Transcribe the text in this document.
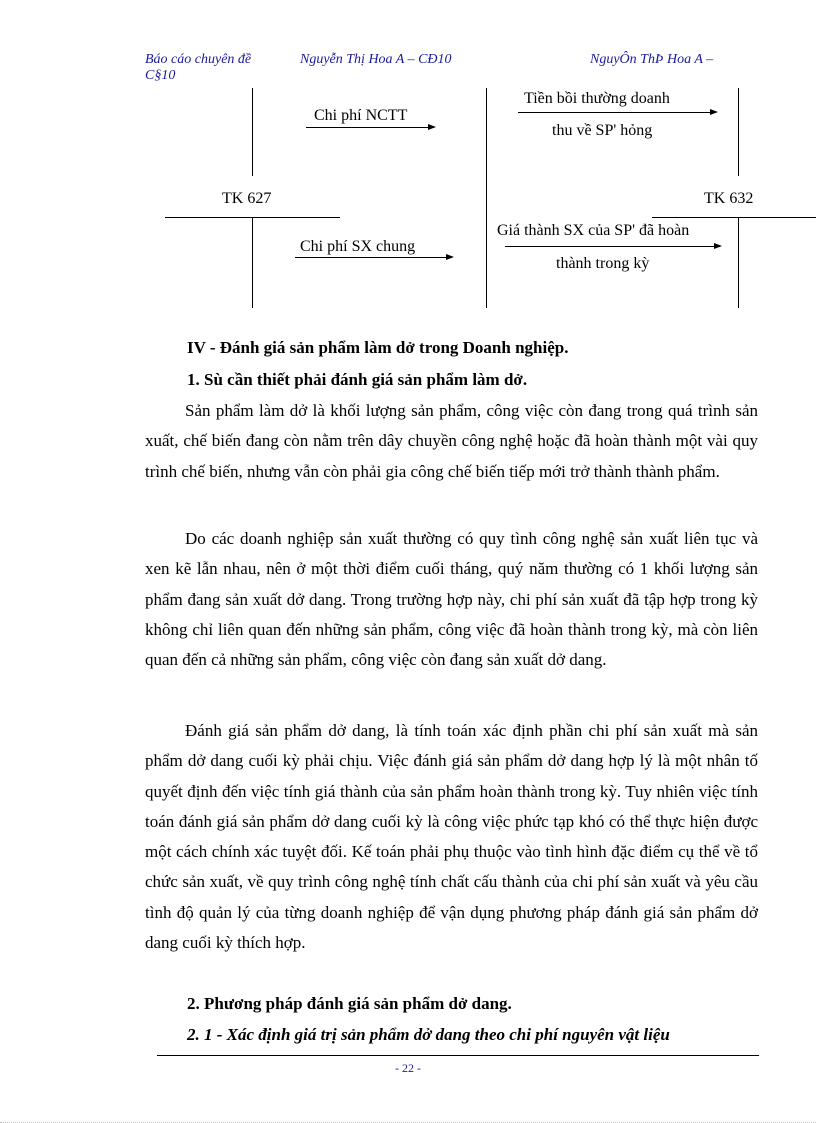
Báo cáo chuyên đề
C§10
Nguyễn Thị Hoa A – CĐ10	NguyÔn ThÞ Hoa A –
Chi phí NCTT
Tiền bồi thường doanh
thu về SP' hỏng
TK 627	TK 632
Chi phí SX chung
Giá thành SX của SP' đã hoàn
thành trong kỳ
IV - Đánh giá sản phẩm làm dở trong Doanh nghiệp.
1. Sù cần thiết phải đánh giá sản phẩm làm dở.

Sản phẩm làm dở là khối lượng sản phẩm, công việc còn đang trong quá trình sản xuất, chế biến đang còn nằm trên dây chuyền công nghệ hoặc đã hoàn thành một vài quy trình chế biến, nhưng vẫn còn phải gia công chế biến tiếp mới trở thành thành phẩm.

Do các doanh nghiệp sản xuất thường có quy tình công nghệ sản xuất liên tục và xen kẽ lẫn nhau, nên ở một thời điểm cuối tháng, quý năm thường có 1 khối lượng sản phẩm đang sản xuất dở dang. Trong trường hợp này, chi phí sản xuất đã tập hợp trong kỳ không chỉ liên quan đến những sản phẩm, công việc đã hoàn thành trong kỳ, mà còn liên quan đến cả những sản phẩm, công việc còn đang sản xuất dở dang.

Đánh giá sản phẩm dở dang, là tính toán xác định phần chi phí sản xuất mà sản phẩm dở dang cuối kỳ phải chịu. Việc đánh giá sản phẩm dở dang hợp lý là một nhân tố quyết định đến việc tính giá thành của sản phẩm hoàn thành trong kỳ. Tuy nhiên việc tính toán đánh giá sản phẩm dở dang cuối kỳ là công việc phức tạp khó có thể thực hiện được một cách chính xác tuyệt đối. Kế toán phải phụ thuộc vào tình hình đặc điểm cụ thể về tổ chức sản xuất, về quy trình công nghệ tính chất cấu thành của chi phí sản xuất và yêu cầu tình độ quản lý của từng doanh nghiệp để vận dụng phương pháp đánh giá sản phẩm dở dang cuối kỳ thích hợp.

2. Phương pháp đánh giá sản phẩm dở dang.
2. 1 - Xác định giá trị sản phẩm dở dang theo chi phí nguyên vật liệu
- 22 -
